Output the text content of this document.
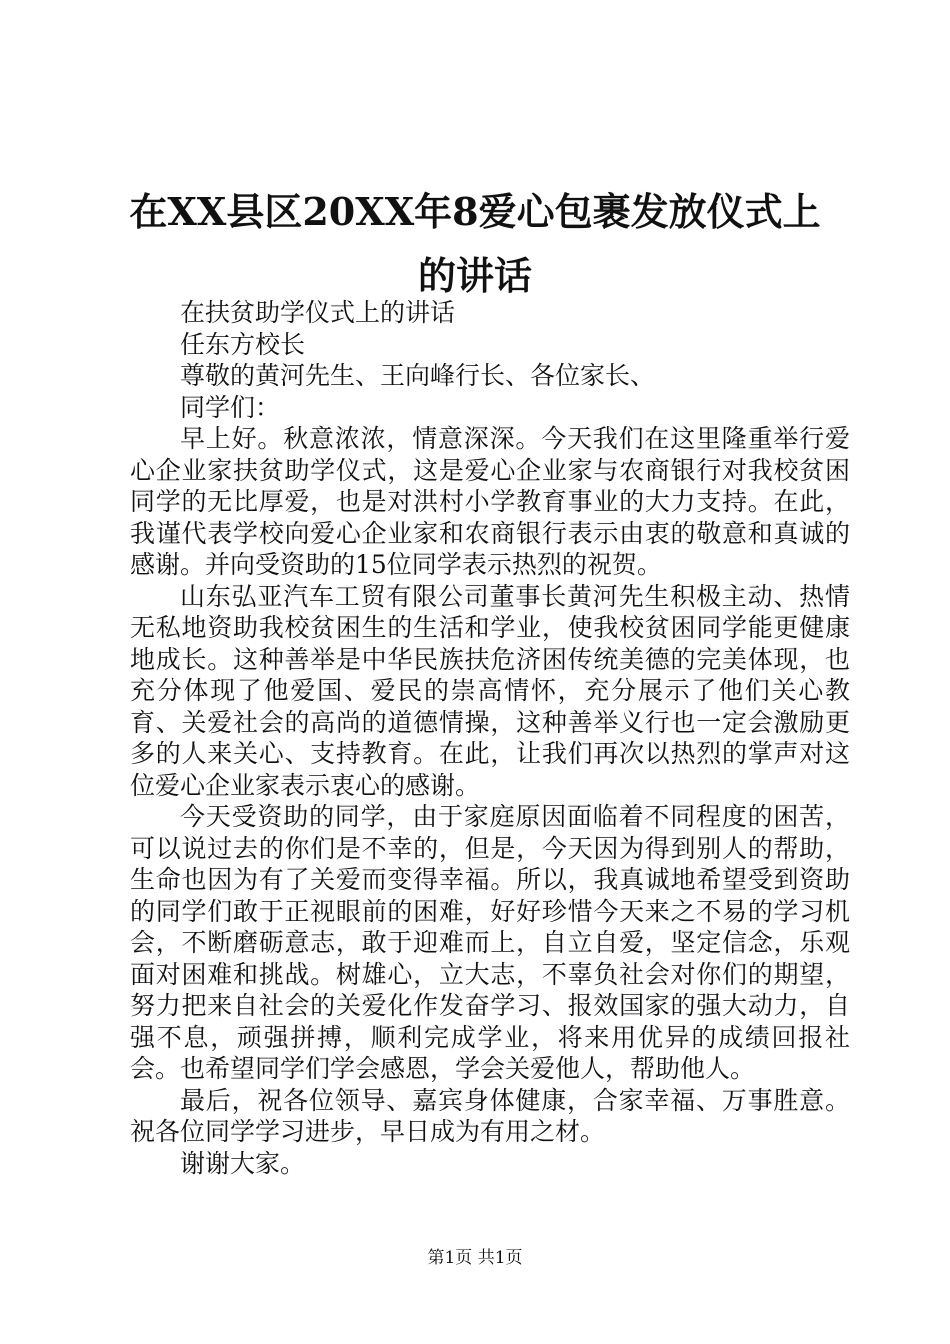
在XX县区20XX年8爱心包裹发放仪式上的讲话

在扶贫助学仪式上的讲话

任东方校长

尊敬的黄河先生、王向峰行长、各位家长、

同学们：

早上好。秋意浓浓，情意深深。今天我们在这里隆重举行爱心企业家扶贫助学仪式，这是爱心企业家与农商银行对我校贫困同学的无比厚爱，也是对洪村小学教育事业的大力支持。在此，我谨代表学校向爱心企业家和农商银行表示由衷的敬意和真诚的感谢。并向受资助的15位同学表示热烈的祝贺。

山东弘亚汽车工贸有限公司董事长黄河先生积极主动、热情无私地资助我校贫困生的生活和学业，使我校贫困同学能更健康地成长。这种善举是中华民族扶危济困传统美德的完美体现，也充分体现了他爱国、爱民的崇高情怀，充分展示了他们关心教育、关爱社会的高尚的道德情操，这种善举义行也一定会激励更多的人来关心、支持教育。在此，让我们再次以热烈的掌声对这位爱心企业家表示衷心的感谢。

今天受资助的同学，由于家庭原因面临着不同程度的困苦，可以说过去的你们是不幸的，但是，今天因为得到别人的帮助，生命也因为有了关爱而变得幸福。所以，我真诚地希望受到资助的同学们敢于正视眼前的困难，好好珍惜今天来之不易的学习机会，不断磨砺意志，敢于迎难而上，自立自爱，坚定信念，乐观面对困难和挑战。树雄心，立大志，不辜负社会对你们的期望，努力把来自社会的关爱化作发奋学习、报效国家的强大动力，自强不息，顽强拼搏，顺利完成学业，将来用优异的成绩回报社会。也希望同学们学会感恩，学会关爱他人，帮助他人。

最后，祝各位领导、嘉宾身体健康，合家幸福、万事胜意。祝各位同学学习进步，早日成为有用之材。

谢谢大家。

第1页 共1页
